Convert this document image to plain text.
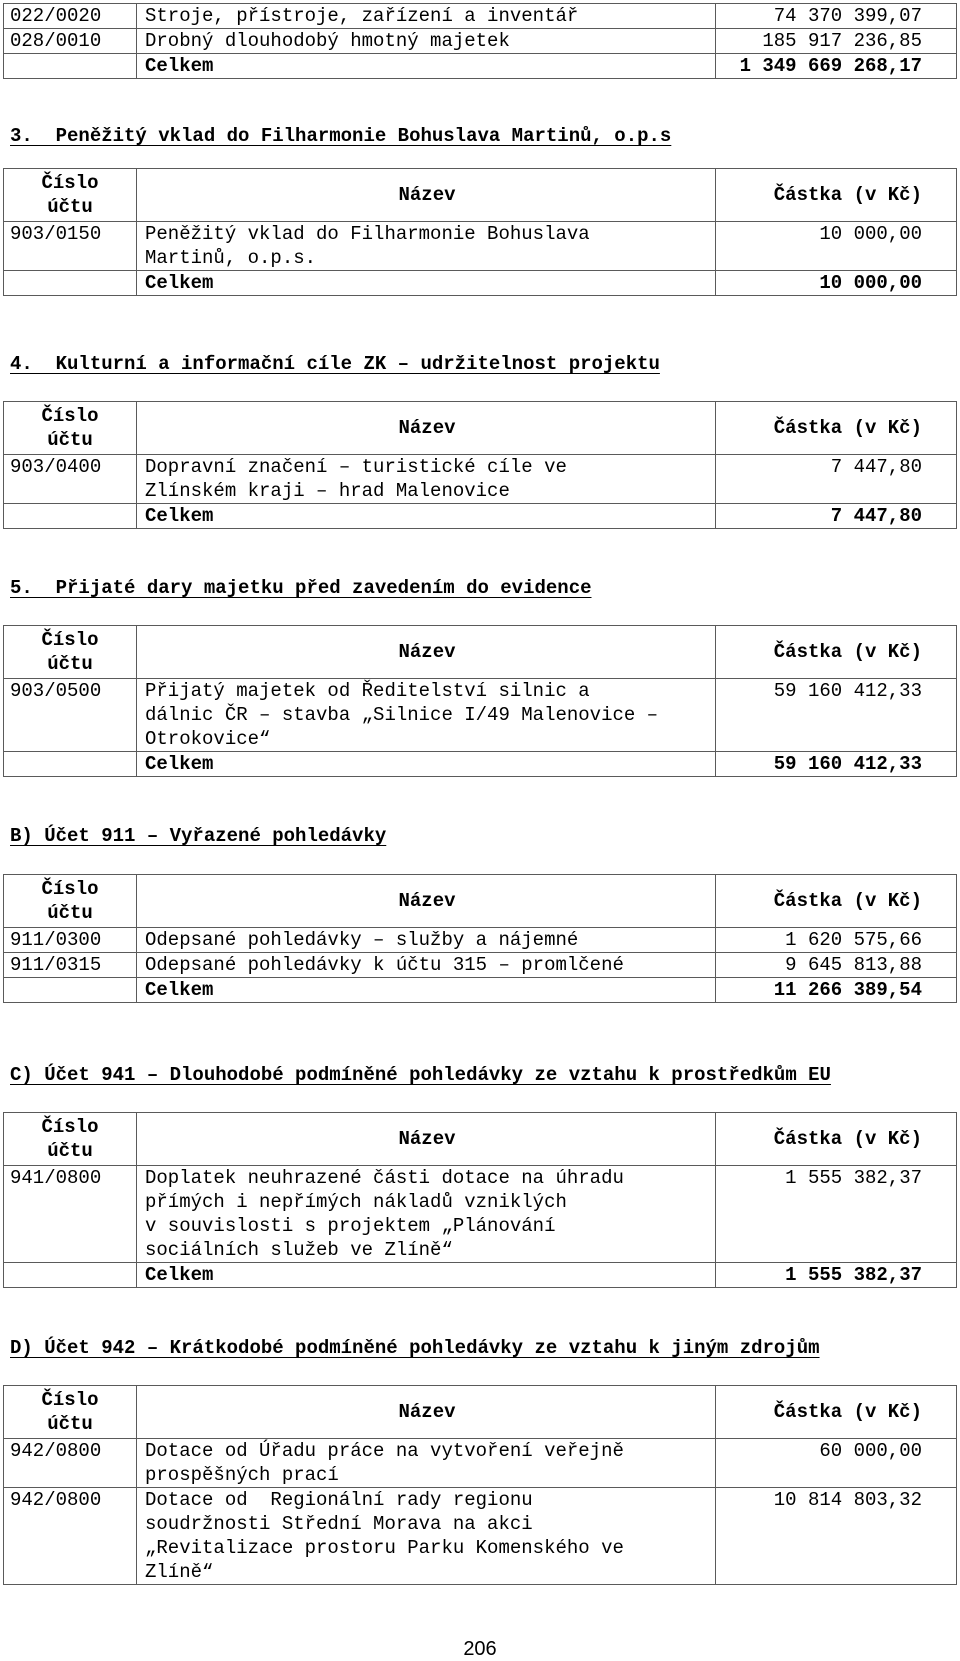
022/0020	Stroje, přístroje, zařízení a inventář	74 370 399,07
028/0010	Drobný dlouhodobý hmotný majetek	185 917 236,85
	Celkem	1 349 669 268,17
3.  Peněžitý vklad do Filharmonie Bohuslava Martinů, o.p.s
Číslo
účtu	Název	Částka (v Kč)
903/0150	Peněžitý vklad do Filharmonie Bohuslava
Martinů, o.p.s.	10 000,00
	Celkem	10 000,00
4.  Kulturní a informační cíle ZK – udržitelnost projektu
Číslo
účtu	Název	Částka (v Kč)
903/0400	Dopravní značení – turistické cíle ve
Zlínském kraji – hrad Malenovice	7 447,80
	Celkem	7 447,80
5.  Přijaté dary majetku před zavedením do evidence
Číslo
účtu	Název	Částka (v Kč)
903/0500	Přijatý majetek od Ředitelství silnic a
dálnic ČR – stavba „Silnice I/49 Malenovice –
Otrokovice“	59 160 412,33
	Celkem	59 160 412,33
B) Účet 911 – Vyřazené pohledávky
Číslo
účtu	Název	Částka (v Kč)
911/0300	Odepsané pohledávky – služby a nájemné	1 620 575,66
911/0315	Odepsané pohledávky k účtu 315 – promlčené	9 645 813,88
	Celkem	11 266 389,54
C) Účet 941 – Dlouhodobé podmíněné pohledávky ze vztahu k prostředkům EU
Číslo
účtu	Název	Částka (v Kč)
941/0800	Doplatek neuhrazené části dotace na úhradu
přímých i nepřímých nákladů vzniklých
v souvislosti s projektem „Plánování
sociálních služeb ve Zlíně“	1 555 382,37
	Celkem	1 555 382,37
D) Účet 942 – Krátkodobé podmíněné pohledávky ze vztahu k jiným zdrojům
Číslo
účtu	Název	Částka (v Kč)
942/0800	Dotace od Úřadu práce na vytvoření veřejně
prospěšných prací	60 000,00
942/0800	Dotace od  Regionální rady regionu
soudržnosti Střední Morava na akci
„Revitalizace prostoru Parku Komenského ve
Zlíně“	10 814 803,32
206
